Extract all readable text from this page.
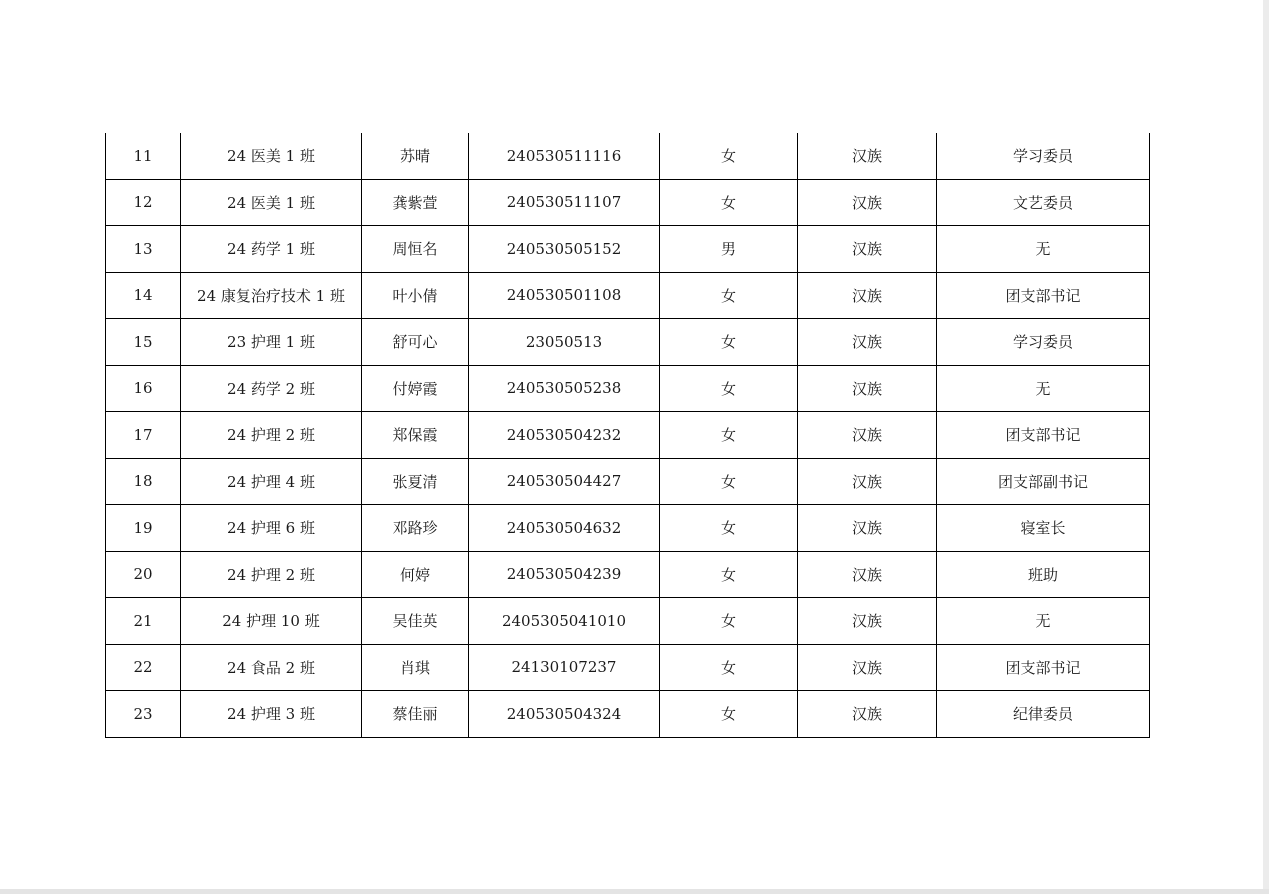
11	24 医美 1 班	苏晴	240530511116	女	汉族	学习委员
12	24 医美 1 班	龚紫萱	240530511107	女	汉族	文艺委员
13	24 药学 1 班	周恒名	240530505152	男	汉族	无
14	24 康复治疗技术 1 班	叶小倩	240530501108	女	汉族	团支部书记
15	23 护理 1 班	舒可心	23050513	女	汉族	学习委员
16	24 药学 2 班	付婷霞	240530505238	女	汉族	无
17	24 护理 2 班	郑保霞	240530504232	女	汉族	团支部书记
18	24 护理 4 班	张夏清	240530504427	女	汉族	团支部副书记
19	24 护理 6 班	邓路珍	240530504632	女	汉族	寝室长
20	24 护理 2 班	何婷	240530504239	女	汉族	班助
21	24 护理 10 班	吴佳英	2405305041010	女	汉族	无
22	24 食品 2 班	肖琪	24130107237	女	汉族	团支部书记
23	24 护理 3 班	蔡佳丽	240530504324	女	汉族	纪律委员
